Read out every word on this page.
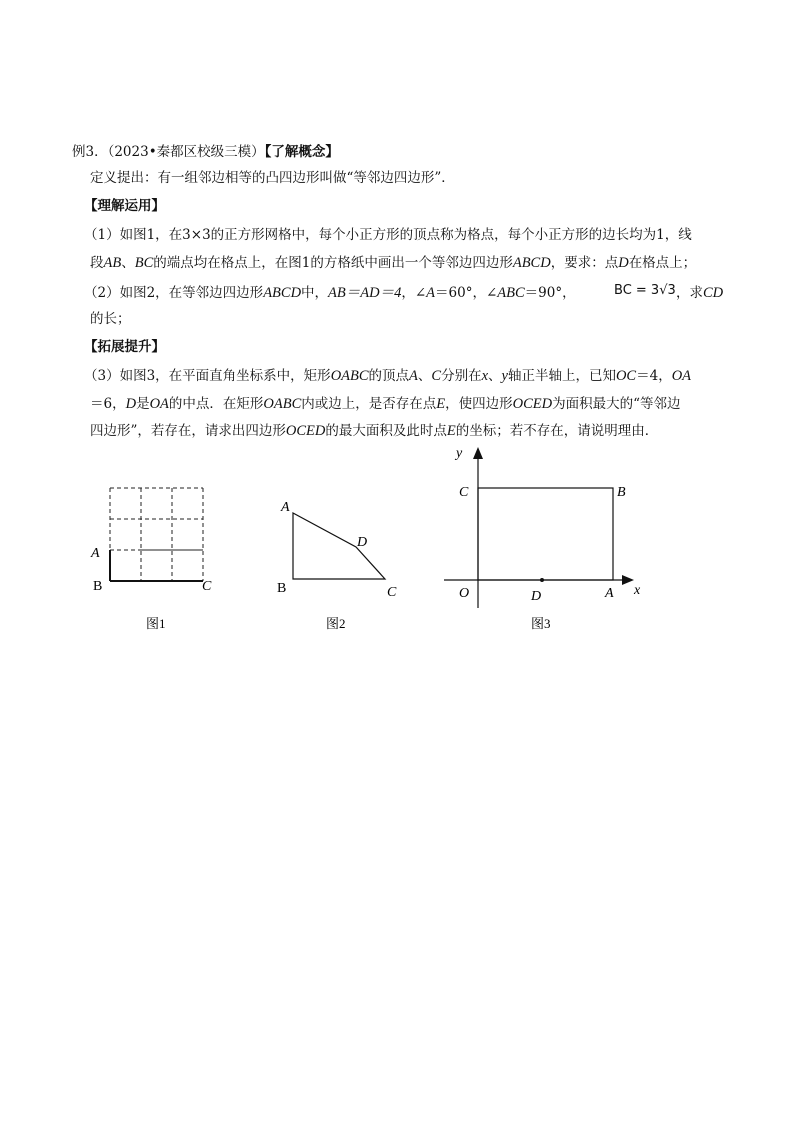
例3．（2023•秦都区校级三模）【了解概念】
定义提出：有一组邻边相等的凸四边形叫做“等邻边四边形”．
【理解运用】
（1）如图1，在3×3的正方形网格中，每个小正方形的顶点称为格点，每个小正方形的边长均为1，线
段AB、BC的端点均在格点上，在图1的方格纸中画出一个等邻边四边形ABCD，要求：点D在格点上；
（2）如图2，在等邻边四边形ABCD中，AB＝AD＝4，∠A＝60°，∠ABC＝90°，	BC = 3√3 ，求CD
的长；
【拓展提升】
（3）如图3，在平面直角坐标系中，矩形OABC的顶点A、C分别在x、y轴正半轴上，已知OC＝4，OA
＝6，D是OA的中点．在矩形OABC内或边上，是否存在点E，使四边形OCED为面积最大的“等邻边
四边形”，若存在，请求出四边形OCED的最大面积及此时点E的坐标；若不存在，请说明理由．
A
B	C
图1
A
B	C
D
图2
y
x
C	B
O	D	A
图3
